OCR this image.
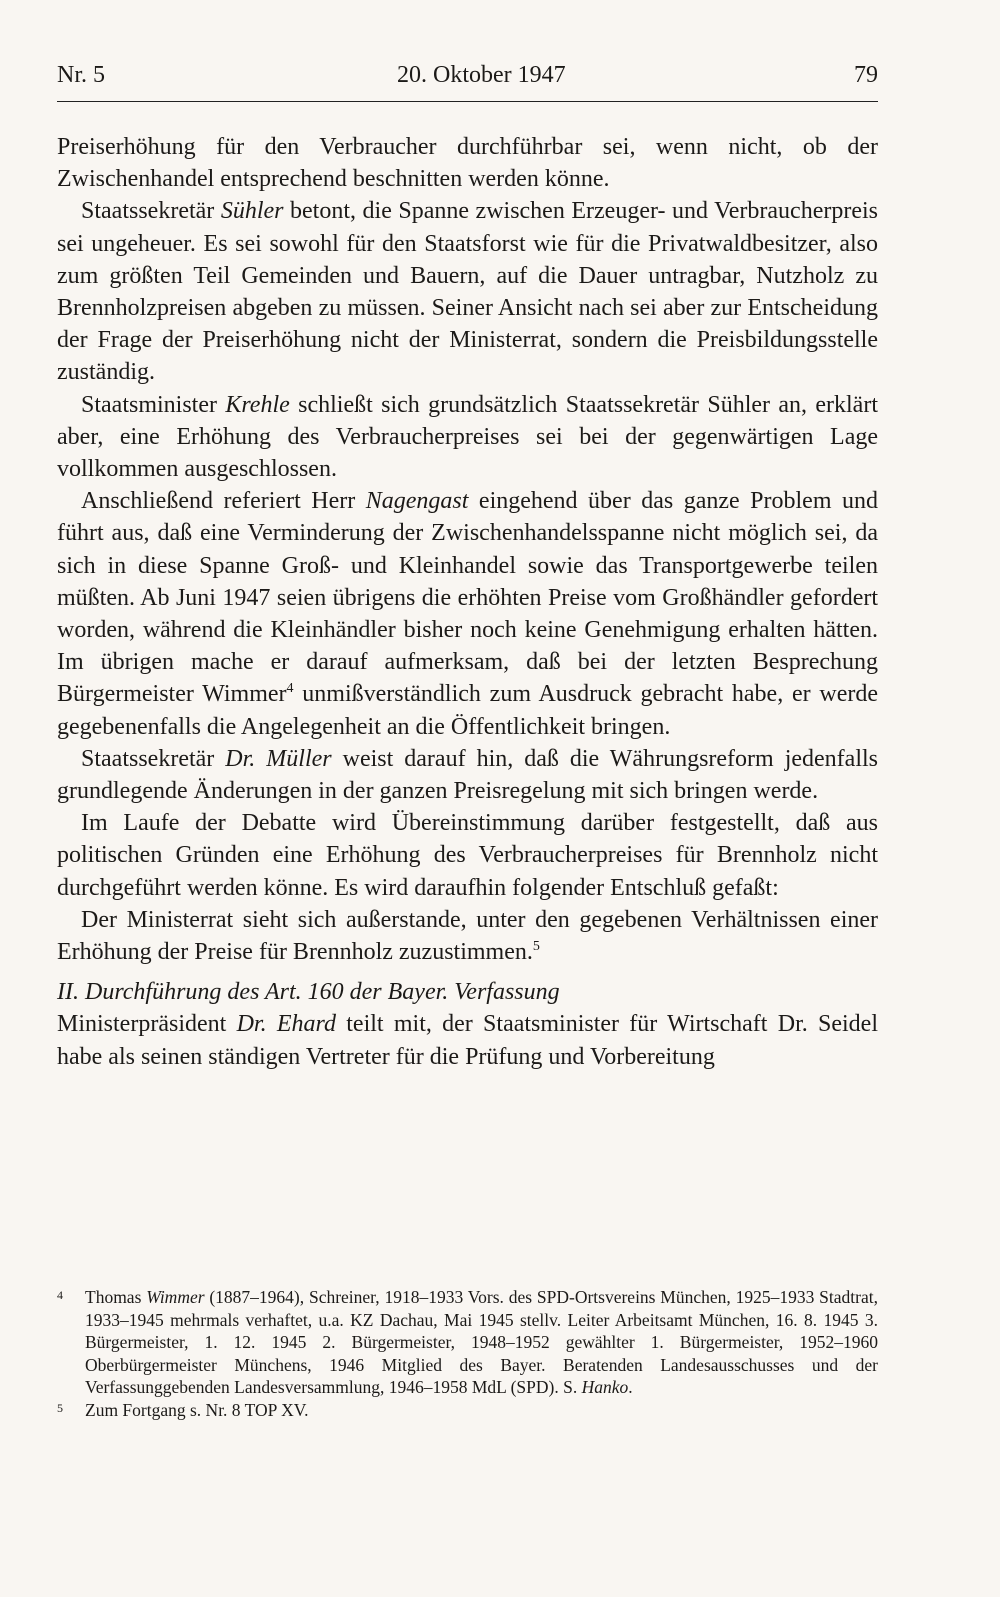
Nr. 5	20. Oktober 1947	79

Preiserhöhung für den Verbraucher durchführbar sei, wenn nicht, ob der Zwischenhandel entsprechend beschnitten werden könne.

Staatssekretär Sühler betont, die Spanne zwischen Erzeuger- und Verbraucherpreis sei ungeheuer. Es sei sowohl für den Staatsforst wie für die Privatwaldbesitzer, also zum größten Teil Gemeinden und Bauern, auf die Dauer untragbar, Nutzholz zu Brennholzpreisen abgeben zu müssen. Seiner Ansicht nach sei aber zur Entscheidung der Frage der Preiserhöhung nicht der Ministerrat, sondern die Preisbildungsstelle zuständig.

Staatsminister Krehle schließt sich grundsätzlich Staatssekretär Sühler an, erklärt aber, eine Erhöhung des Verbraucherpreises sei bei der gegenwärtigen Lage vollkommen ausgeschlossen.

Anschließend referiert Herr Nagengast eingehend über das ganze Problem und führt aus, daß eine Verminderung der Zwischenhandelsspanne nicht möglich sei, da sich in diese Spanne Groß- und Kleinhandel sowie das Transportgewerbe teilen müßten. Ab Juni 1947 seien übrigens die erhöhten Preise vom Großhändler gefordert worden, während die Kleinhändler bisher noch keine Genehmigung erhalten hätten. Im übrigen mache er darauf aufmerksam, daß bei der letzten Besprechung Bürgermeister Wimmer$^4$ unmißverständlich zum Ausdruck gebracht habe, er werde gegebenenfalls die Angelegenheit an die Öffentlichkeit bringen.

Staatssekretär Dr. Müller weist darauf hin, daß die Währungsreform jedenfalls grundlegende Änderungen in der ganzen Preisregelung mit sich bringen werde.

Im Laufe der Debatte wird Übereinstimmung darüber festgestellt, daß aus politischen Gründen eine Erhöhung des Verbraucherpreises für Brennholz nicht durchgeführt werden könne. Es wird daraufhin folgender Entschluß gefaßt:

Der Ministerrat sieht sich außerstande, unter den gegebenen Verhältnissen einer Erhöhung der Preise für Brennholz zuzustimmen.$^5$

II. Durchführung des Art. 160 der Bayer. Verfassung

Ministerpräsident Dr. Ehard teilt mit, der Staatsminister für Wirtschaft Dr. Seidel habe als seinen ständigen Vertreter für die Prüfung und Vorbereitung

4 Thomas Wimmer (1887–1964), Schreiner, 1918–1933 Vors. des SPD-Ortsvereins München, 1925–1933 Stadtrat, 1933–1945 mehrmals verhaftet, u.a. KZ Dachau, Mai 1945 stellv. Leiter Arbeitsamt München, 16. 8. 1945 3. Bürgermeister, 1. 12. 1945 2. Bürgermeister, 1948–1952 gewählter 1. Bürgermeister, 1952–1960 Oberbürgermeister Münchens, 1946 Mitglied des Bayer. Beratenden Landesausschusses und der Verfassunggebenden Landesversammlung, 1946–1958 MdL (SPD). S. Hanko.
5 Zum Fortgang s. Nr. 8 TOP XV.
